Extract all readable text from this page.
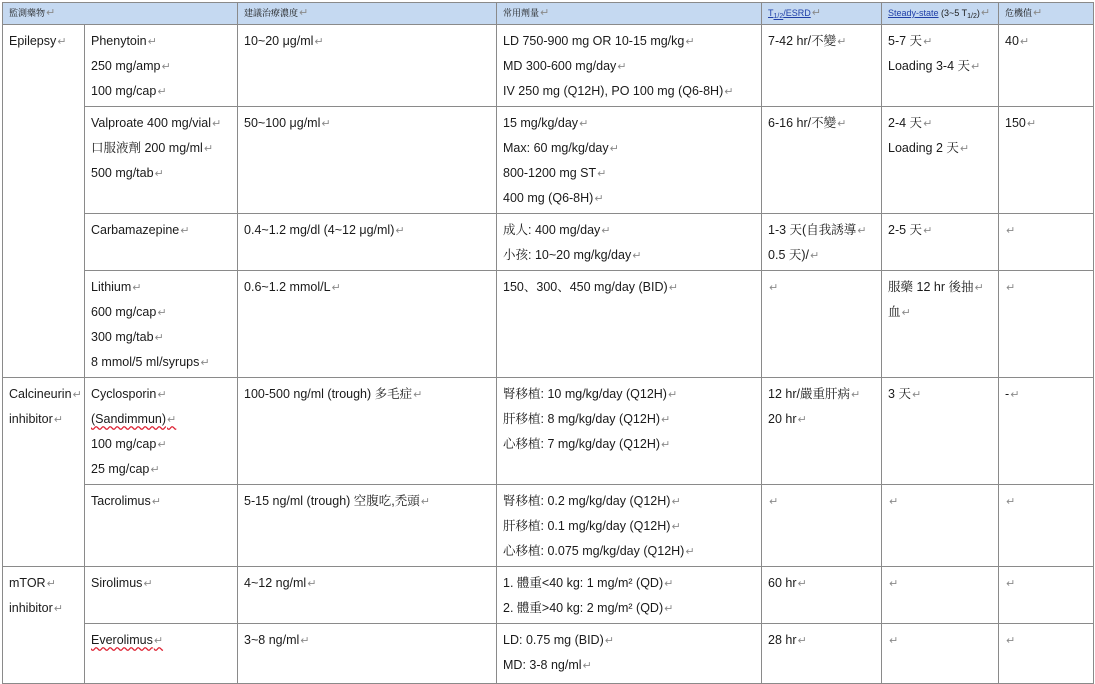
監測藥物↵		建議治療濃度↵	常用劑量↵	$T_{1/2}/ESRD↵$	Steady-state (3~5 $T_{1/2})↵$	危機值↵

Epilepsy↵	Phenytoin↵
250 mg/amp↵
100 mg/cap↵	10~20 μg/ml↵	LD 750-900 mg OR 10-15 mg/kg↵
MD 300-600 mg/day↵
IV 250 mg (Q12H), PO 100 mg (Q6-8H)↵	7-42 hr/不變↵	5-7 天↵
Loading 3-4 天↵	40↵

	Valproate 400 mg/vial↵
口服液劑 200 mg/ml↵
500 mg/tab↵	50~100 μg/ml↵	15 mg/kg/day↵
Max: 60 mg/kg/day↵
800-1200 mg ST↵
400 mg (Q6-8H)↵	6-16 hr/不變↵	2-4 天↵
Loading 2 天↵	150↵

	Carbamazepine↵	0.4~1.2 mg/dl (4~12 μg/ml)↵	成人: 400 mg/day↵
小孩: 10~20 mg/kg/day↵	1-3 天(自我誘導↵
0.5 天)/↵	2-5 天↵	↵

	Lithium↵
600 mg/cap↵
300 mg/tab↵
8 mmol/5 ml/syrups↵	0.6~1.2 mmol/L↵	150、300、450 mg/day (BID)↵	↵	服藥 12 hr 後抽↵
血↵	↵

Calcineurin↵
inhibitor↵	Cyclosporin↵
(Sandimmun)↵
100 mg/cap↵
25 mg/cap↵	100-500 ng/ml (trough) 多毛症↵	腎移植: 10 mg/kg/day (Q12H)↵
肝移植: 8 mg/kg/day (Q12H)↵
心移植: 7 mg/kg/day (Q12H)↵	12 hr/嚴重肝病↵
20 hr↵	3 天↵	-↵

	Tacrolimus↵	5-15 ng/ml (trough) 空腹吃,禿頭↵	腎移植: 0.2 mg/kg/day (Q12H)↵
肝移植: 0.1 mg/kg/day (Q12H)↵
心移植: 0.075 mg/kg/day (Q12H)↵	↵	↵	↵

mTOR↵
inhibitor↵	Sirolimus↵	4~12 ng/ml↵	1. 體重<40 kg: 1 mg/m² (QD)↵
2. 體重>40 kg: 2 mg/m² (QD)↵	60 hr↵	↵	↵

	Everolimus↵	3~8 ng/ml↵	LD: 0.75 mg (BID)↵
MD: 3-8 ng/ml↵	28 hr↵	↵	↵
